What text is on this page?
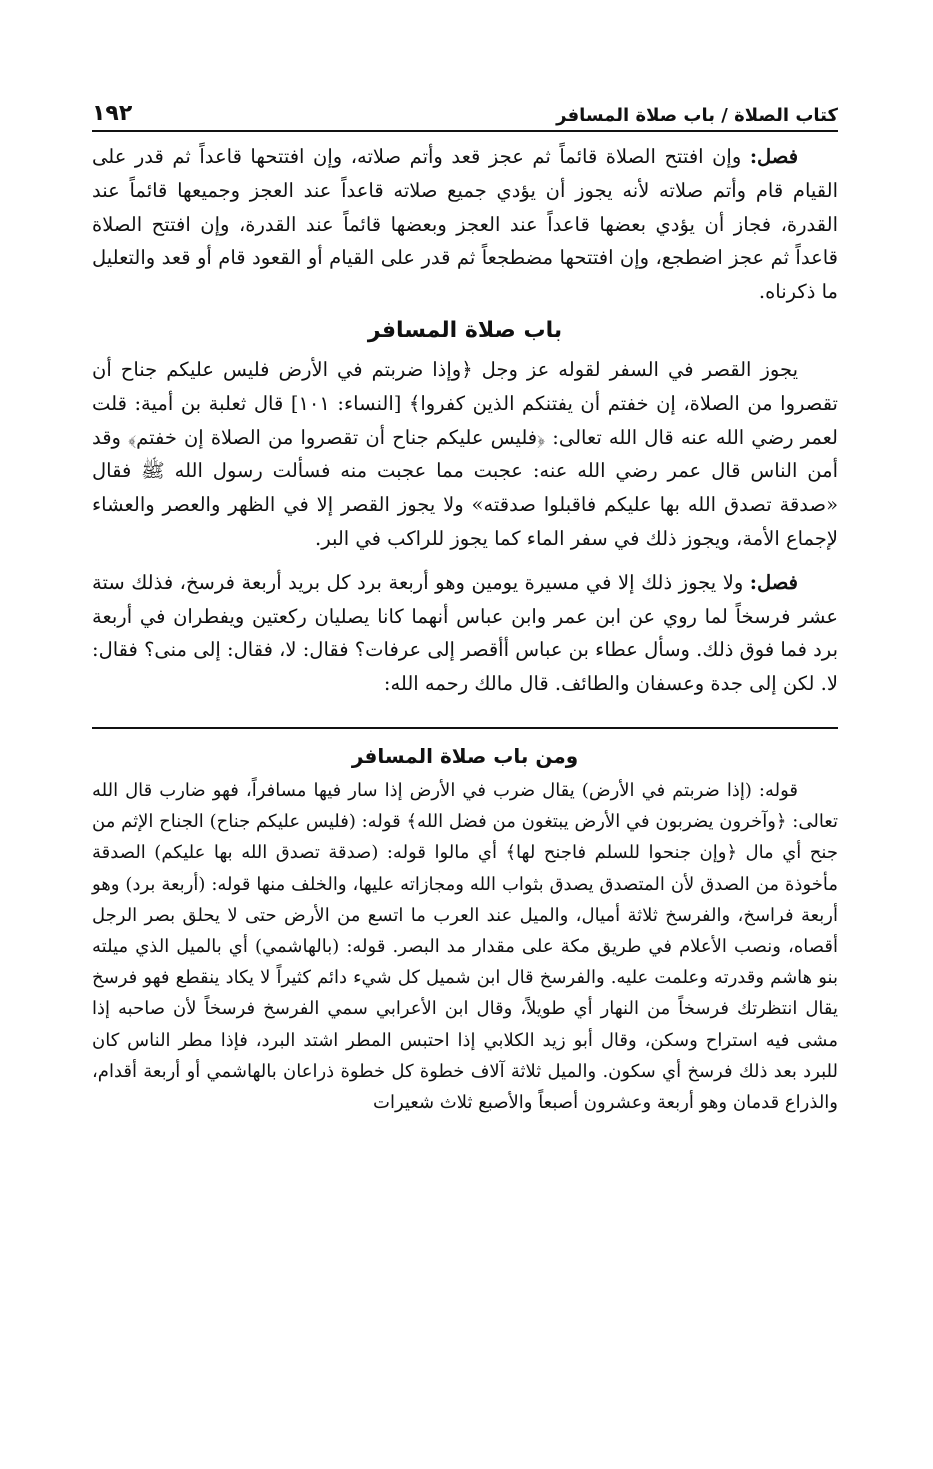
كتاب الصلاة / باب صلاة المسافر
١٩٢

فصل: وإن افتتح الصلاة قائماً ثم عجز قعد وأتم صلاته، وإن افتتحها قاعداً ثم قدر على القيام قام وأتم صلاته لأنه يجوز أن يؤدي جميع صلاته قاعداً عند العجز وجميعها قائماً عند القدرة، فجاز أن يؤدي بعضها قاعداً عند العجز وبعضها قائماً عند القدرة، وإن افتتح الصلاة قاعداً ثم عجز اضطجع، وإن افتتحها مضطجعاً ثم قدر على القيام أو القعود قام أو قعد والتعليل ما ذكرناه.

باب صلاة المسافر

يجوز القصر في السفر لقوله عز وجل ﴿وإذا ضربتم في الأرض فليس عليكم جناح أن تقصروا من الصلاة، إن خفتم أن يفتنكم الذين كفروا﴾ [النساء: ١٠١] قال ثعلبة بن أمية: قلت لعمر رضي الله عنه قال الله تعالى: ﴿فليس عليكم جناح أن تقصروا من الصلاة إن خفتم﴾ وقد أمن الناس قال عمر رضي الله عنه: عجبت مما عجبت منه فسألت رسول الله ﷺ فقال «صدقة تصدق الله بها عليكم فاقبلوا صدقته» ولا يجوز القصر إلا في الظهر والعصر والعشاء لإجماع الأمة، ويجوز ذلك في سفر الماء كما يجوز للراكب في البر.

فصل: ولا يجوز ذلك إلا في مسيرة يومين وهو أربعة برد كل بريد أربعة فرسخ، فذلك ستة عشر فرسخاً لما روي عن ابن عمر وابن عباس أنهما كانا يصليان ركعتين ويفطران في أربعة برد فما فوق ذلك. وسأل عطاء بن عباس أأقصر إلى عرفات؟ فقال: لا، فقال: إلى منى؟ فقال: لا. لكن إلى جدة وعسفان والطائف. قال مالك رحمه الله:

ومن باب صلاة المسافر

قوله: (إذا ضربتم في الأرض) يقال ضرب في الأرض إذا سار فيها مسافراً، فهو ضارب قال الله تعالى: ﴿وآخرون يضربون في الأرض يبتغون من فضل الله﴾ قوله: (فليس عليكم جناح) الجناح الإثم من جنح أي مال ﴿وإن جنحوا للسلم فاجنح لها﴾ أي مالوا قوله: (صدقة تصدق الله بها عليكم) الصدقة مأخوذة من الصدق لأن المتصدق يصدق بثواب الله ومجازاته عليها، والخلف منها قوله: (أربعة برد) وهو أربعة فراسخ، والفرسخ ثلاثة أميال، والميل عند العرب ما اتسع من الأرض حتى لا يحلق بصر الرجل أقصاه، ونصب الأعلام في طريق مكة على مقدار مد البصر. قوله: (بالهاشمي) أي بالميل الذي ميلته بنو هاشم وقدرته وعلمت عليه. والفرسخ قال ابن شميل كل شيء دائم كثيراً لا يكاد ينقطع فهو فرسخ يقال انتظرتك فرسخاً من النهار أي طويلاً، وقال ابن الأعرابي سمي الفرسخ فرسخاً لأن صاحبه إذا مشى فيه استراح وسكن، وقال أبو زيد الكلابي إذا احتبس المطر اشتد البرد، فإذا مطر الناس كان للبرد بعد ذلك فرسخ أي سكون. والميل ثلاثة آلاف خطوة كل خطوة ذراعان بالهاشمي أو أربعة أقدام، والذراع قدمان وهو أربعة وعشرون أصبعاً والأصبع ثلاث شعيرات
